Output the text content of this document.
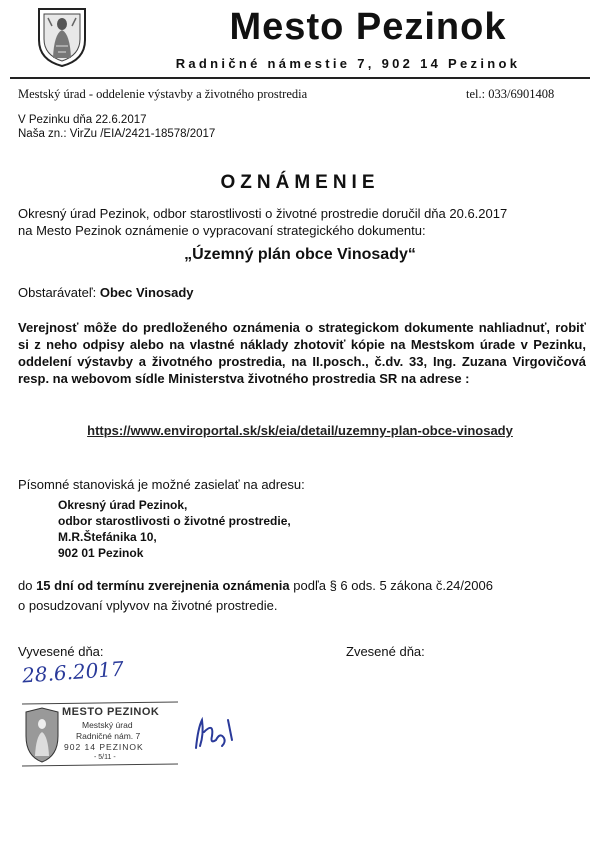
Mesto Pezinok
Radničné námestie 7, 902 14 Pezinok
Mestský úrad - oddelenie výstavby a životného prostredia	tel.: 033/6901408
V Pezinku dňa 22.6.2017
Naša zn.: VirZu /EIA/2421-18578/2017
OZNÁMENIE
Okresný úrad Pezinok, odbor starostlivosti o životné prostredie doručil dňa 20.6.2017
na Mesto Pezinok oznámenie o vypracovaní strategického dokumentu:
„Územný plán obce Vinosady“
Obstarávateľ: Obec Vinosady
Verejnosť môže do predloženého oznámenia o strategickom dokumente nahliadnuť, robiť si z neho odpisy alebo na vlastné náklady zhotoviť kópie na Mestskom úrade v Pezinku, oddelení výstavby a životného prostredia, na II.posch., č.dv. 33, Ing. Zuzana Virgovičová resp. na webovom sídle Ministerstva životného prostredia SR na adrese :
https://www.enviroportal.sk/sk/eia/detail/uzemny-plan-obce-vinosady
Písomné stanoviská je možné zasielať na adresu:
Okresný úrad Pezinok,
odbor starostlivosti o životné prostredie,
M.R.Štefánika 10,
902 01 Pezinok
do 15 dní od termínu zverejnenia oznámenia podľa § 6 ods. 5 zákona č.24/2006
o posudzovaní vplyvov na životné prostredie.
Vyvesené dňa:	Zvesené dňa:
28.6.2017
MESTO PEZINOK
Mestský úrad
Radničné nám. 7
902 14 PEZINOK
- 5/11 -
